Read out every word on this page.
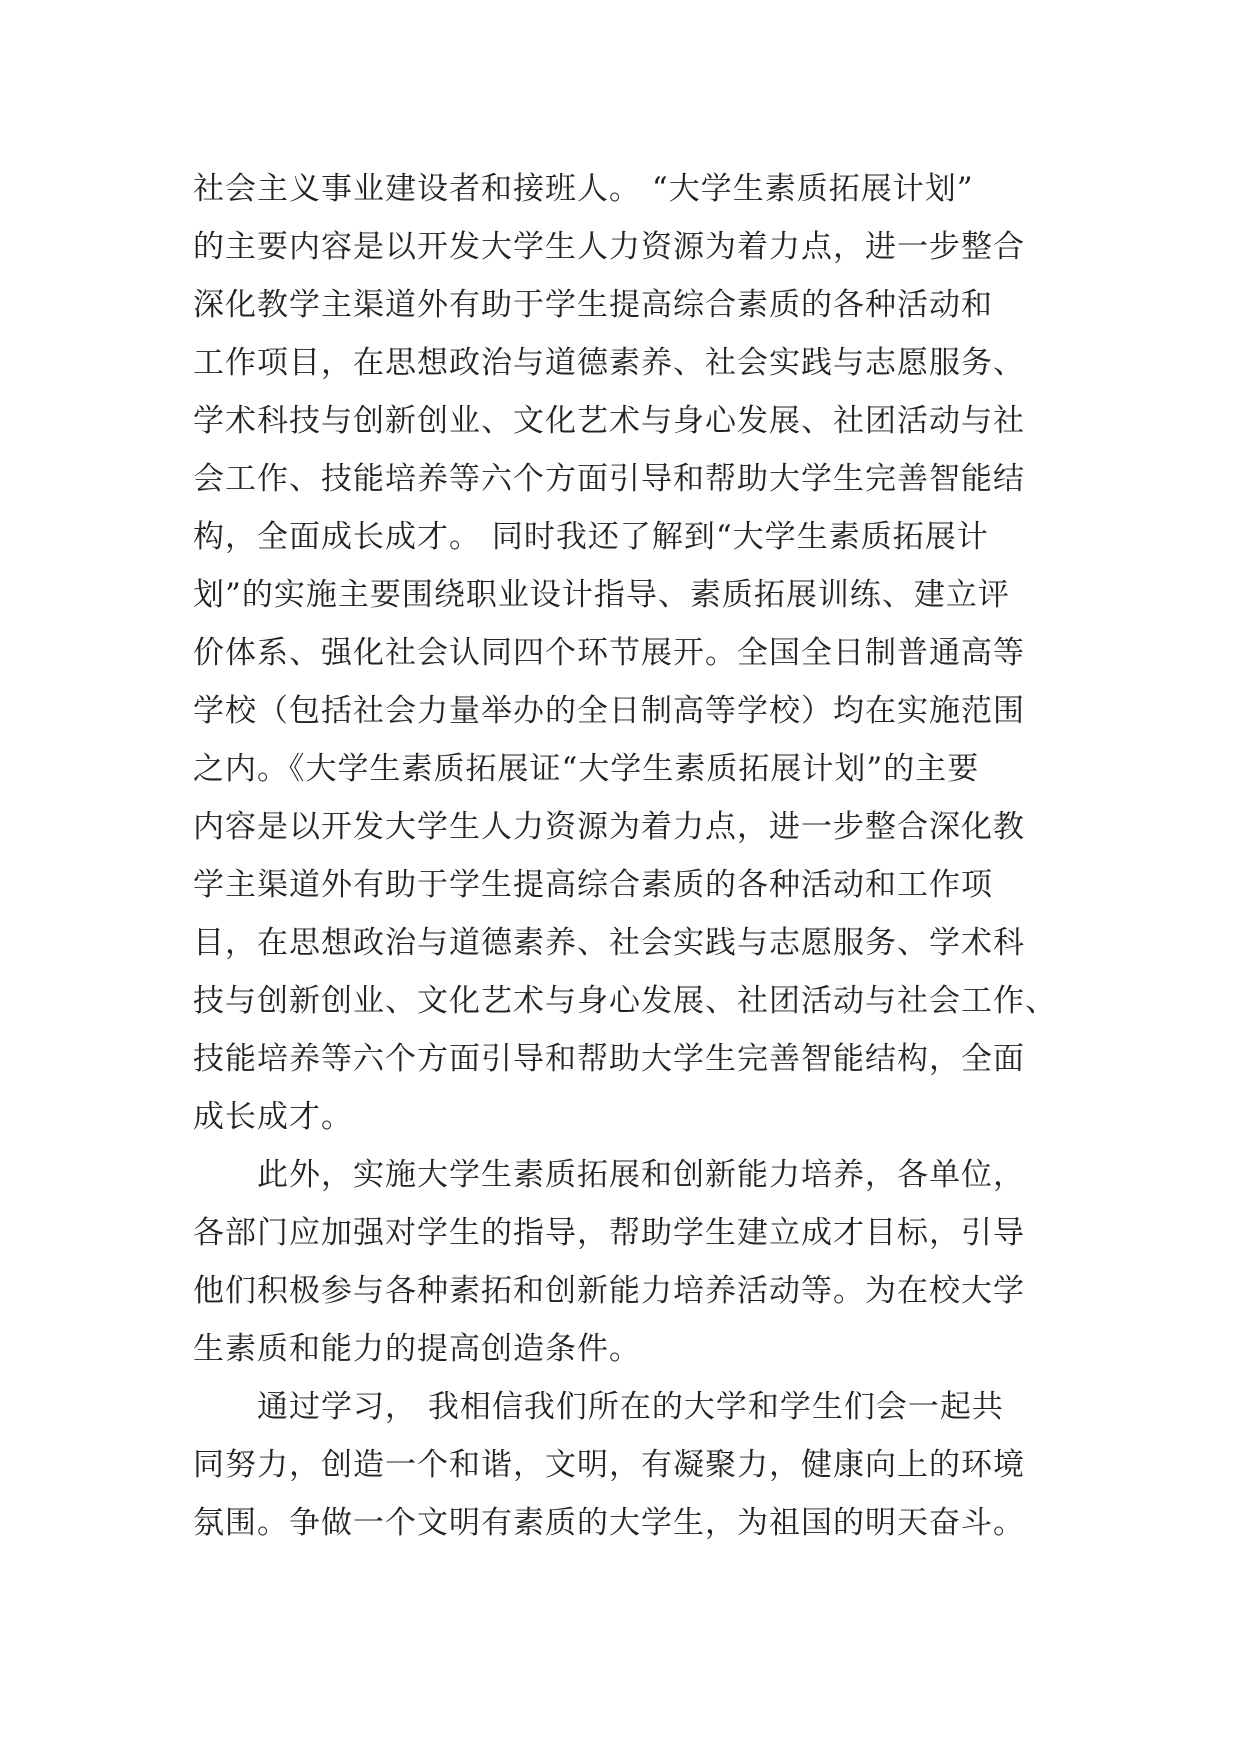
社会主义事业建设者和接班人。 “大学生素质拓展计划”
的主要内容是以开发大学生人力资源为着力点，进一步整合
深化教学主渠道外有助于学生提高综合素质的各种活动和
工作项目，在思想政治与道德素养、社会实践与志愿服务、
学术科技与创新创业、文化艺术与身心发展、社团活动与社
会工作、技能培养等六个方面引导和帮助大学生完善智能结
构，全面成长成才。 同时我还了解到“大学生素质拓展计
划”的实施主要围绕职业设计指导、素质拓展训练、建立评
价体系、强化社会认同四个环节展开。全国全日制普通高等
学校（包括社会力量举办的全日制高等学校）均在实施范围
之内。《大学生素质拓展证“大学生素质拓展计划”的主要
内容是以开发大学生人力资源为着力点，进一步整合深化教
学主渠道外有助于学生提高综合素质的各种活动和工作项
目，在思想政治与道德素养、社会实践与志愿服务、学术科
技与创新创业、文化艺术与身心发展、社团活动与社会工作、
技能培养等六个方面引导和帮助大学生完善智能结构，全面
成长成才。
此外，实施大学生素质拓展和创新能力培养，各单位，
各部门应加强对学生的指导，帮助学生建立成才目标，引导
他们积极参与各种素拓和创新能力培养活动等。为在校大学
生素质和能力的提高创造条件。
通过学习， 我相信我们所在的大学和学生们会一起共
同努力，创造一个和谐，文明，有凝聚力，健康向上的环境
氛围。争做一个文明有素质的大学生，为祖国的明天奋斗。
